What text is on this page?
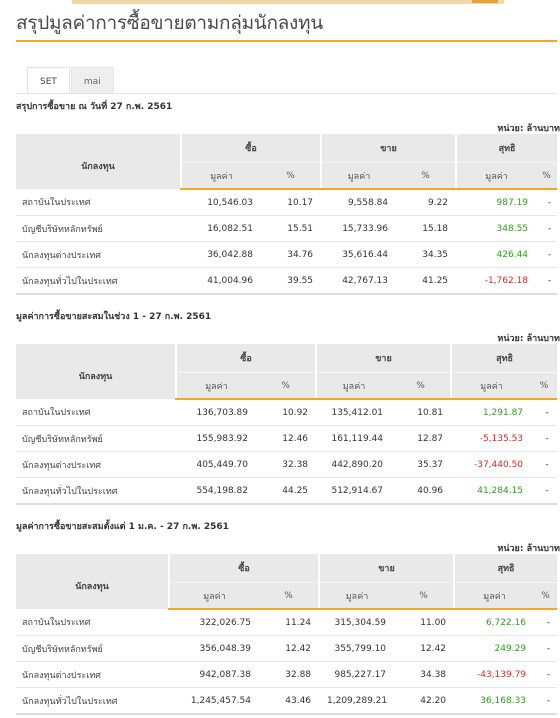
สรุปมูลค่าการซื้อขายตามกลุ่มนักลงทุน
SET	mai
สรุปการซื้อขาย ณ วันที่ 27 ก.พ. 2561
หน่วย: ล้านบาท
นักลงทุน	ซื้อ		ขาย		สุทธิ	
	มูลค่า	%	มูลค่า	%	มูลค่า	%
สถาบันในประเทศ	10,546.03	10.17	9,558.84	9.22	987.19	-
บัญชีบริษัทหลักทรัพย์	16,082.51	15.51	15,733.96	15.18	348.55	-
นักลงทุนต่างประเทศ	36,042.88	34.76	35,616.44	34.35	426.44	-
นักลงทุนทั่วไปในประเทศ	41,004.96	39.55	42,767.13	41.25	-1,762.18	-
มูลค่าการซื้อขายสะสมในช่วง 1 - 27 ก.พ. 2561
หน่วย: ล้านบาท
นักลงทุน	ซื้อ		ขาย		สุทธิ	
	มูลค่า	%	มูลค่า	%	มูลค่า	%
สถาบันในประเทศ	136,703.89	10.92	135,412.01	10.81	1,291.87	-
บัญชีบริษัทหลักทรัพย์	155,983.92	12.46	161,119.44	12.87	-5,135.53	-
นักลงทุนต่างประเทศ	405,449.70	32.38	442,890.20	35.37	-37,440.50	-
นักลงทุนทั่วไปในประเทศ	554,198.82	44.25	512,914.67	40.96	41,284.15	-
มูลค่าการซื้อขายสะสมตั้งแต่ 1 ม.ค. - 27 ก.พ. 2561
หน่วย: ล้านบาท
นักลงทุน	ซื้อ		ขาย		สุทธิ	
	มูลค่า	%	มูลค่า	%	มูลค่า	%
สถาบันในประเทศ	322,026.75	11.24	315,304.59	11.00	6,722.16	-
บัญชีบริษัทหลักทรัพย์	356,048.39	12.42	355,799.10	12.42	249.29	-
นักลงทุนต่างประเทศ	942,087.38	32.88	985,227.17	34.38	-43,139.79	-
นักลงทุนทั่วไปในประเทศ	1,245,457.54	43.46	1,209,289.21	42.20	36,168.33	-
